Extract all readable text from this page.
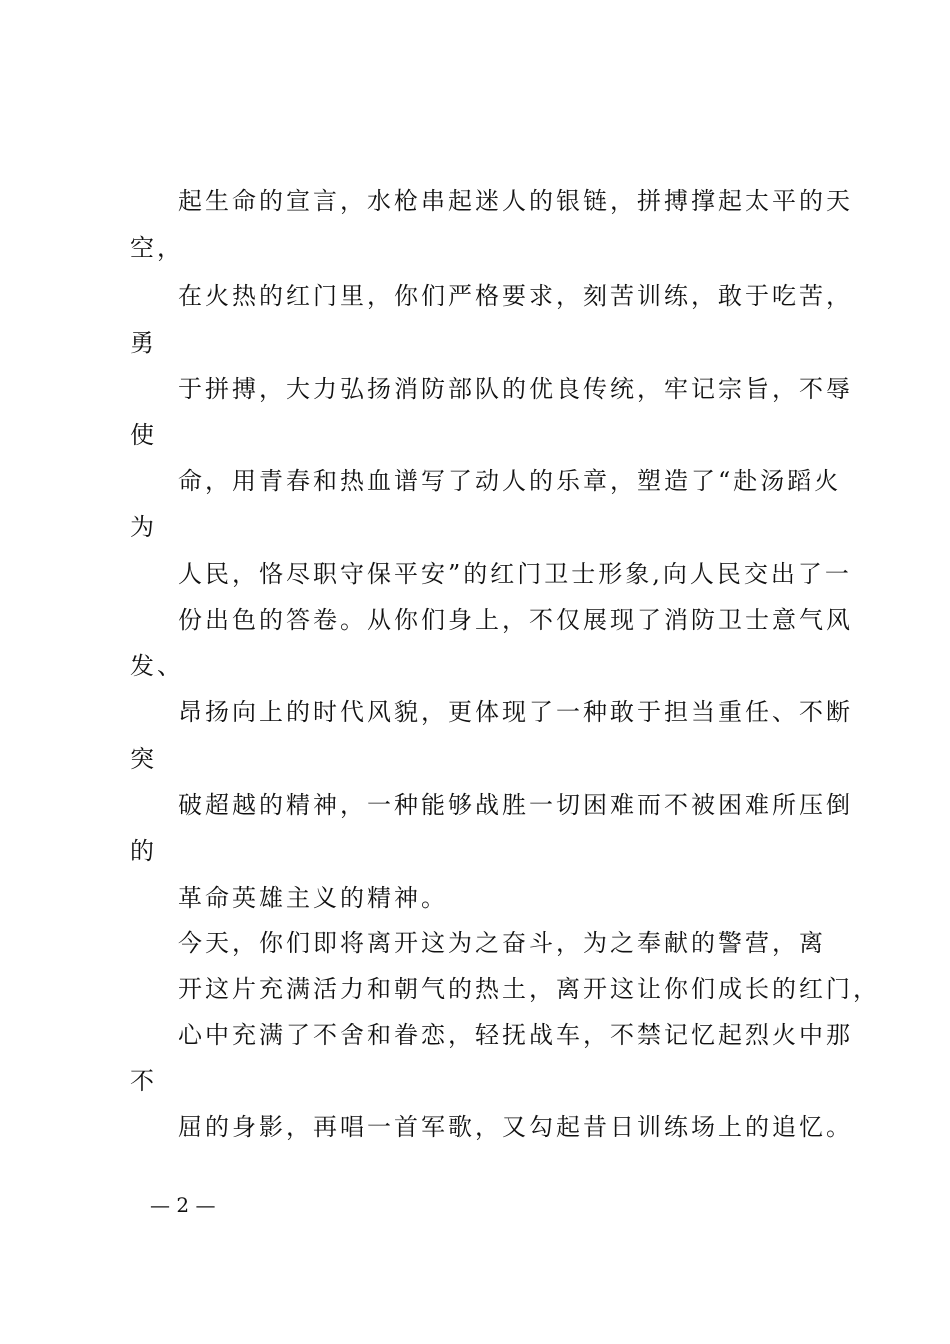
起生命的宣言，水枪串起迷人的银链，拼搏撑起太平的天
空，
在火热的红门里，你们严格要求，刻苦训练，敢于吃苦，
勇
于拼搏，大力弘扬消防部队的优良传统，牢记宗旨，不辱
使
命，用青春和热血谱写了动人的乐章，塑造了“赴汤蹈火
为
人民，恪尽职守保平安”的红门卫士形象,向人民交出了一
份出色的答卷。从你们身上，不仅展现了消防卫士意气风
发、
昂扬向上的时代风貌，更体现了一种敢于担当重任、不断
突
破超越的精神，一种能够战胜一切困难而不被困难所压倒
的
革命英雄主义的精神。
今天，你们即将离开这为之奋斗，为之奉献的警营，离
开这片充满活力和朝气的热土，离开这让你们成长的红门，
心中充满了不舍和眷恋，轻抚战车，不禁记忆起烈火中那
不
屈的身影，再唱一首军歌，又勾起昔日训练场上的追忆。
— 2 —
